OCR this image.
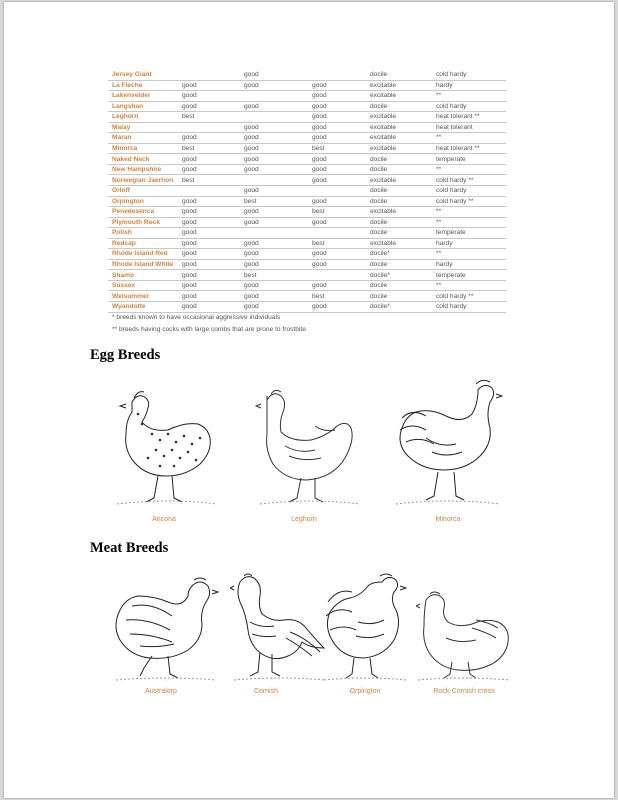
Jersey Giant		good		docile	cold hardy
La Fleche	good	good	good	excitable	hardy
Lakenvelder	good		good	excitable	**
Langshan	good	good	good	docile	cold hardy
Leghorn	best		good	excitable	heat tolerant **
Malay		good	good	excitable	heat tolerant
Maran	good	good	good	excitable	**
Minorca	best	good	best	excitable	heat tolerant **
Naked Neck	good	good	good	docile	temperate
New Hampshire	good	good	good	docile	**
Norwegian Jaerhon	best		good	excitable	cold hardy **
Orloff		good		docile	cold hardy
Orpington	good	best	good	docile	cold hardy **
Penedesenca	good	good	best	excitable	**
Plymouth Rock	good	good	good	docile	**
Polish	good			docile	temperate
Redcap	good	good	best	excitable	hardy
Rhode Island Red	good	good	good	docile*	**
Rhode Island White	good	good	good	docile	hardy
Shamo	good	best		docile*	temperate
Sussex	good	good	good	docile	**
Welsummer	good	good	best	docile	cold hardy **
Wyandotte	good	good	good	docile*	cold hardy
* breeds known to have occasional aggressive individuals
** breeds having cocks with large combs that are prone to frostbite
Egg Breeds
Ancona	Leghorn	Minorca
Meat Breeds
Australorp	Cornish	Orpington	Rock-Cornish cross
